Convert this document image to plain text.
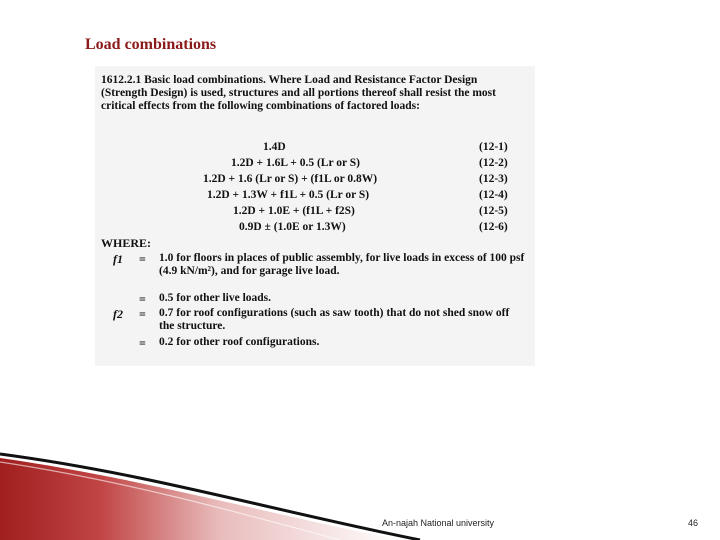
Load combinations

1612.2.1 Basic load combinations. Where Load and Resistance Factor Design (Strength Design) is used, structures and all portions thereof shall resist the most critical effects from the following combinations of factored loads:

1.4D	(12-1)
1.2D + 1.6L + 0.5 (Lr or S)	(12-2)
1.2D + 1.6 (Lr or S) + (f1L or 0.8W)	(12-3)
1.2D + 1.3W + f1L + 0.5 (Lr or S)	(12-4)
1.2D + 1.0E + (f1L + f2S)	(12-5)
0.9D ± (1.0E or 1.3W)	(12-6)
WHERE:
f1 = 1.0 for floors in places of public assembly, for live loads in excess of 100 psf (4.9 kN/m²), and for garage live load.

= 0.5 for other live loads.

f2 = 0.7 for roof configurations (such as saw tooth) that do not shed snow off the structure.

= 0.2 for other roof configurations.

An-najah National university	46
